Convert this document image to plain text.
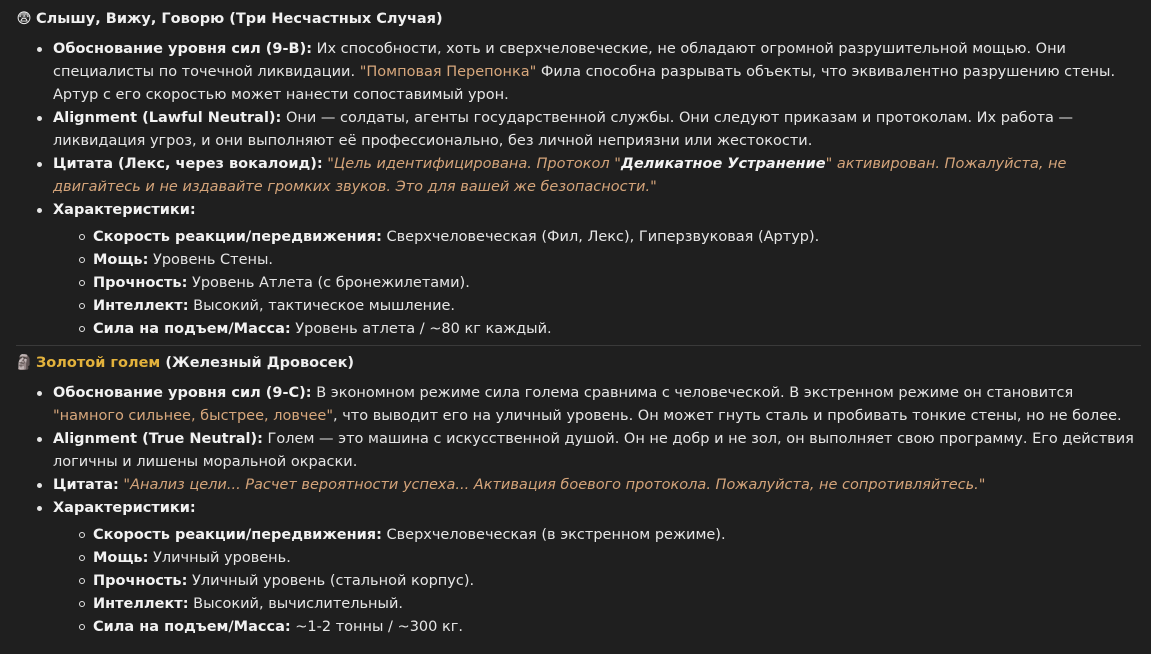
😨 Слышу, Вижу, Говорю (Три Несчастных Случая)
Обоснование уровня сил (9-B): Их способности, хоть и сверхчеловеческие, не обладают огромной разрушительной мощью. Они специалисты по точечной ликвидации. "Помповая Перепонка" Фила способна разрывать объекты, что эквивалентно разрушению стены. Артур с его скоростью может нанести сопоставимый урон.
Alignment (Lawful Neutral): Они — солдаты, агенты государственной службы. Они следуют приказам и протоколам. Их работа — ликвидация угроз, и они выполняют её профессионально, без личной неприязни или жестокости.
Цитата (Лекс, через вокалоид): "Цель идентифицирована. Протокол "Деликатное Устранение" активирован. Пожалуйста, не двигайтесь и не издавайте громких звуков. Это для вашей же безопасности."
Характеристики:
Скорость реакции/передвижения: Сверхчеловеческая (Фил, Лекс), Гиперзвуковая (Артур).
Мощь: Уровень Стены.
Прочность: Уровень Атлета (с бронежилетами).
Интеллект: Высокий, тактическое мышление.
Сила на подъем/Масса: Уровень атлета / ~80 кг каждый.
🗿 Золотой голем (Железный Дровосек)
Обоснование уровня сил (9-C): В экономном режиме сила голема сравнима с человеческой. В экстренном режиме он становится "намного сильнее, быстрее, ловчее", что выводит его на уличный уровень. Он может гнуть сталь и пробивать тонкие стены, но не более.
Alignment (True Neutral): Голем — это машина с искусственной душой. Он не добр и не зол, он выполняет свою программу. Его действия логичны и лишены моральной окраски.
Цитата: "Анализ цели... Расчет вероятности успеха... Активация боевого протокола. Пожалуйста, не сопротивляйтесь."
Характеристики:
Скорость реакции/передвижения: Сверхчеловеческая (в экстренном режиме).
Мощь: Уличный уровень.
Прочность: Уличный уровень (стальной корпус).
Интеллект: Высокий, вычислительный.
Сила на подъем/Масса: ~1-2 тонны / ~300 кг.
